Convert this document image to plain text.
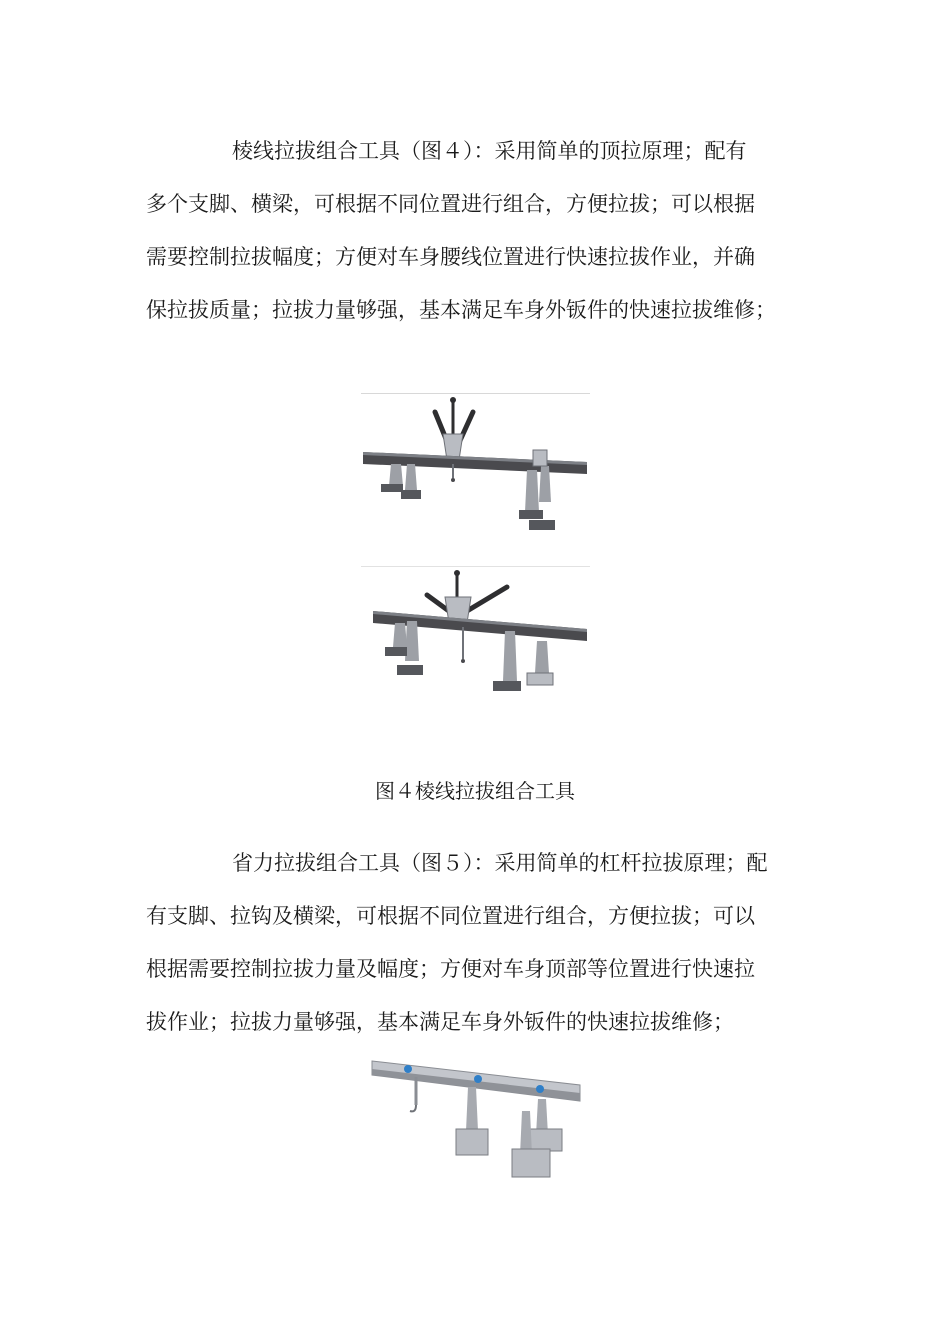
棱线拉拔组合工具（图４）：采用简单的顶拉原理；配有
多个支脚、横梁，可根据不同位置进行组合，方便拉拔；可以根据
需要控制拉拔幅度；方便对车身腰线位置进行快速拉拔作业，并确
保拉拔质量；拉拔力量够强，基本满足车身外钣件的快速拉拔维修；

图４棱线拉拔组合工具

省力拉拔组合工具（图５）：采用简单的杠杆拉拔原理；配
有支脚、拉钩及横梁，可根据不同位置进行组合，方便拉拔；可以
根据需要控制拉拔力量及幅度；方便对车身顶部等位置进行快速拉
拔作业；拉拔力量够强，基本满足车身外钣件的快速拉拔维修；
